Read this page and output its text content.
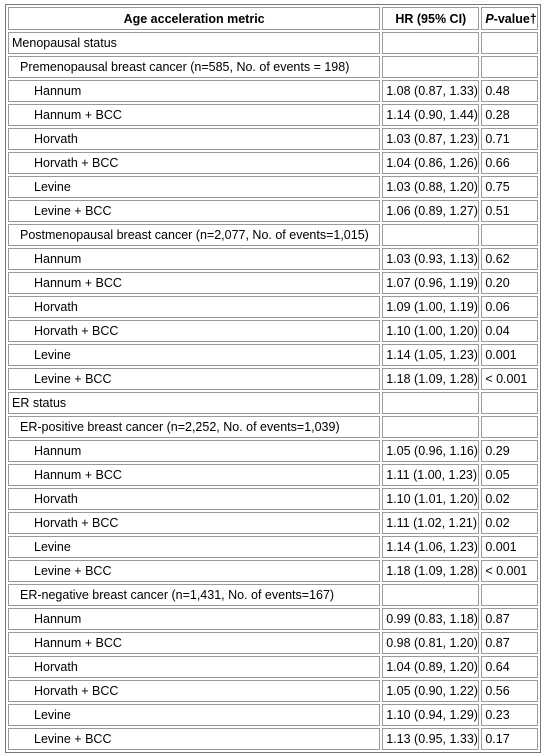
Age acceleration metric	HR (95% CI)	P-value†
Menopausal status		
Premenopausal breast cancer (n=585, No. of events = 198)		
Hannum	1.08 (0.87, 1.33)	0.48
Hannum + BCC	1.14 (0.90, 1.44)	0.28
Horvath	1.03 (0.87, 1.23)	0.71
Horvath + BCC	1.04 (0.86, 1.26)	0.66
Levine	1.03 (0.88, 1.20)	0.75
Levine + BCC	1.06 (0.89, 1.27)	0.51
Postmenopausal breast cancer (n=2,077, No. of events=1,015)		
Hannum	1.03 (0.93, 1.13)	0.62
Hannum + BCC	1.07 (0.96, 1.19)	0.20
Horvath	1.09 (1.00, 1.19)	0.06
Horvath + BCC	1.10 (1.00, 1.20)	0.04
Levine	1.14 (1.05, 1.23)	0.001
Levine + BCC	1.18 (1.09, 1.28)	< 0.001
ER status		
ER-positive breast cancer (n=2,252, No. of events=1,039)		
Hannum	1.05 (0.96, 1.16)	0.29
Hannum + BCC	1.11 (1.00, 1.23)	0.05
Horvath	1.10 (1.01, 1.20)	0.02
Horvath + BCC	1.11 (1.02, 1.21)	0.02
Levine	1.14 (1.06, 1.23)	0.001
Levine + BCC	1.18 (1.09, 1.28)	< 0.001
ER-negative breast cancer (n=1,431, No. of events=167)		
Hannum	0.99 (0.83, 1.18)	0.87
Hannum + BCC	0.98 (0.81, 1.20)	0.87
Horvath	1.04 (0.89, 1.20)	0.64
Horvath + BCC	1.05 (0.90, 1.22)	0.56
Levine	1.10 (0.94, 1.29)	0.23
Levine + BCC	1.13 (0.95, 1.33)	0.17
